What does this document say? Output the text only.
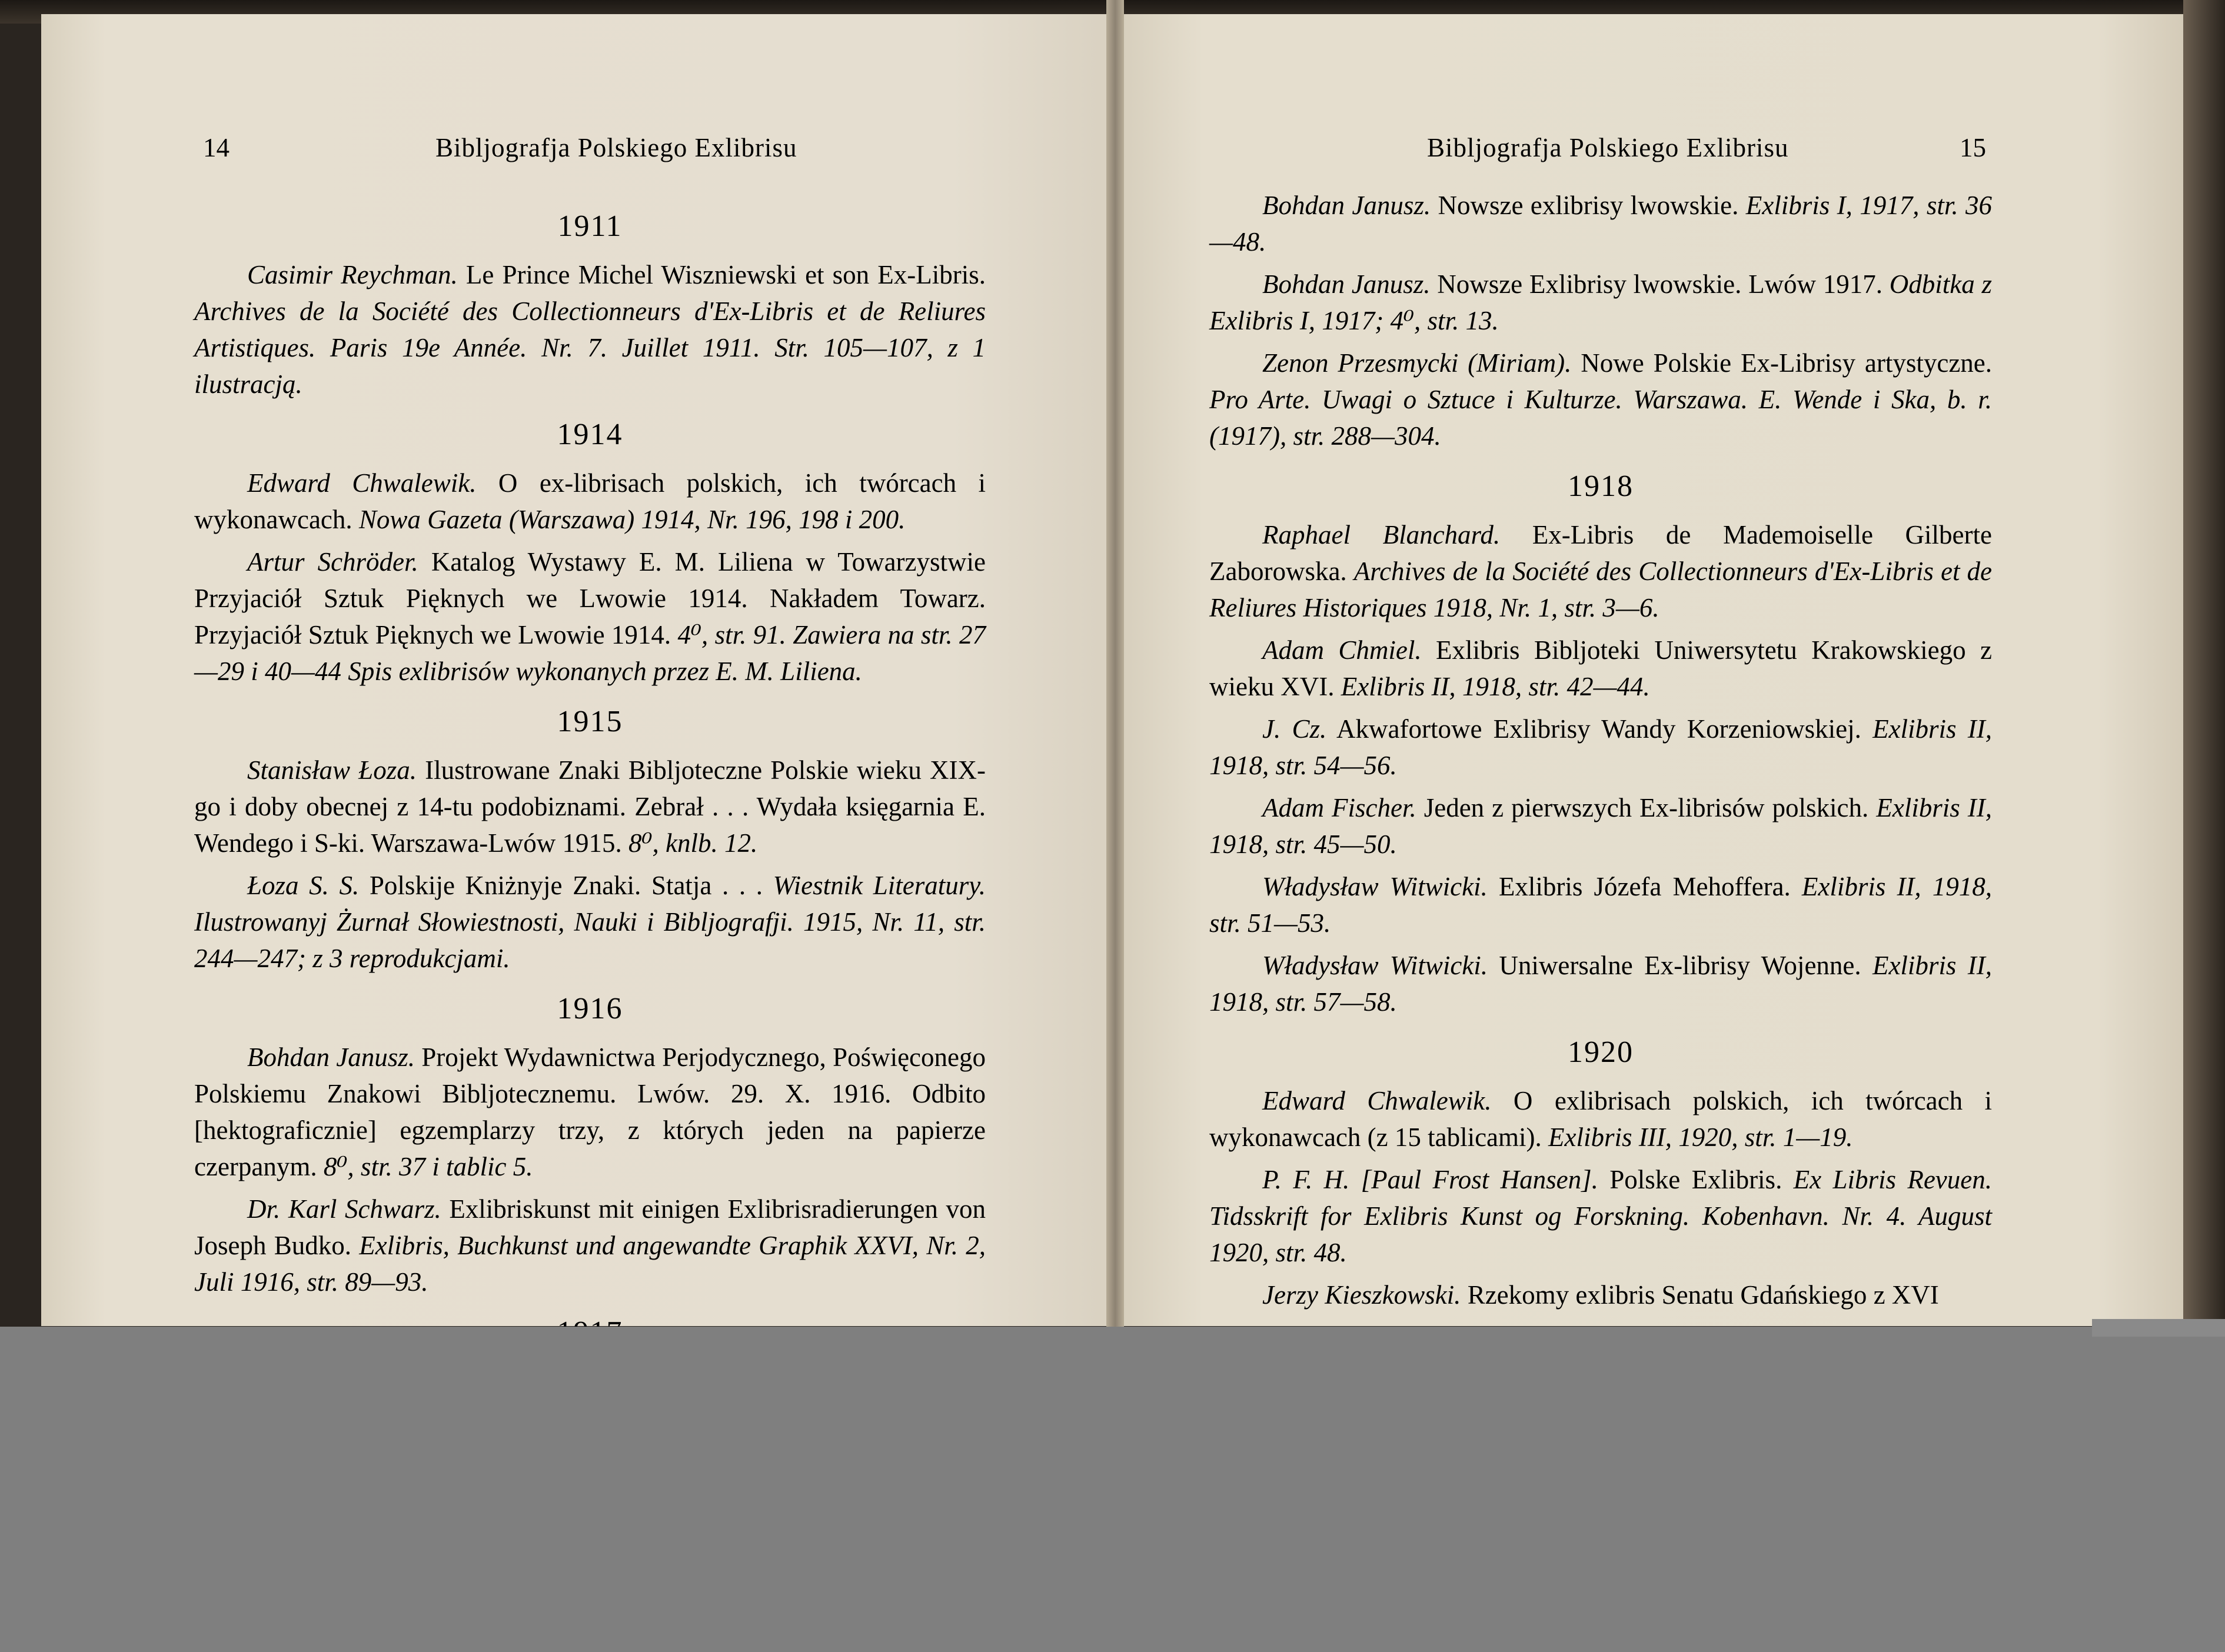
14	Bibljografja Polskiego Exlibrisu	Bibljografja Polskiego Exlibrisu	15
1911
Casimir Reychman. Le Prince Michel Wiszniewski et son Ex-Libris. Archives de la Société des Collectionneurs d'Ex-Libris et de Reliures Artistiques. Paris 19e Année. Nr. 7. Juillet 1911. Str. 105—107, z 1 ilustracją.
1914
Edward Chwalewik. O ex-librisach polskich, ich twórcach i wykonawcach. Nowa Gazeta (Warszawa) 1914, Nr. 196, 198 i 200.
Artur Schröder. Katalog Wystawy E. M. Liliena w Towarzystwie Przyjaciół Sztuk Pięknych we Lwowie 1914. Nakładem Towarz. Przyjaciół Sztuk Pięknych we Lwowie 1914. 4⁰, str. 91. Zawiera na str. 27—29 i 40—44 Spis exlibrisów wykonanych przez E. M. Liliena.
1915
Stanisław Łoza. Ilustrowane Znaki Bibljoteczne Polskie wieku XIX-go i doby obecnej z 14-tu podobiznami. Zebrał . . . Wydała księgarnia E. Wendego i S-ki. Warszawa-Lwów 1915. 8⁰, knlb. 12.
Łoza S. S. Polskije Kniżnyje Znaki. Statja . . . Wiestnik Literatury. Ilustrowanyj Żurnał Słowiestnosti, Nauki i Bibljografji. 1915, Nr. 11, str. 244—247; z 3 reprodukcjami.
1916
Bohdan Janusz. Projekt Wydawnictwa Perjodycznego, Poświęconego Polskiemu Znakowi Bibljotecznemu. Lwów. 29. X. 1916. Odbito [hektograficznie] egzemplarzy trzy, z których jeden na papierze czerpanym. 8⁰, str. 37 i tablic 5.
Dr. Karl Schwarz. Exlibriskunst mit einigen Exlibrisradierungen von Joseph Budko. Exlibris, Buchkunst und angewandte Graphik XXVI, Nr. 2, Juli 1916, str. 89—93.
Bohdan Janusz. Nowsze exlibrisy lwowskie. Exlibris I, 1917, str. 36—48.
Bohdan Janusz. Nowsze Exlibrisy lwowskie. Lwów 1917. Odbitka z Exlibris I, 1917; 4⁰, str. 13.
Zenon Przesmycki (Miriam). Nowe Polskie Ex-Librisy artystyczne. Pro Arte. Uwagi o Sztuce i Kulturze. Warszawa. E. Wende i Ska, b. r. (1917), str. 288—304.
1918
Raphael Blanchard. Ex-Libris de Mademoiselle Gilberte Zaborowska. Archives de la Société des Collectionneurs d'Ex-Libris et de Reliures Historiques 1918, Nr. 1, str. 3—6.
Adam Chmiel. Exlibris Bibljoteki Uniwersytetu Krakowskiego z wieku XVI. Exlibris II, 1918, str. 42—44.
J. Cz. Akwafortowe Exlibrisy Wandy Korzeniowskiej. Exlibris II, 1918, str. 54—56.
Adam Fischer. Jeden z pierwszych Ex-librisów polskich. Exlibris II, 1918, str. 45—50.
Władysław Witwicki. Exlibris Józefa Mehoffera. Exlibris II, 1918, str. 51—53.
Władysław Witwicki. Uniwersalne Ex-librisy Wojenne. Exlibris II, 1918, str. 57—58.
1920
Edward Chwalewik. O exlibrisach polskich, ich twórcach i wykonawcach (z 15 tablicami). Exlibris III, 1920, str. 1—19.
P. F. H. [Paul Frost Hansen]. Polske Exlibris. Ex Libris Revuen. Tidsskrift for Exlibris Kunst og Forskning. Kobenhavn. Nr. 4. August 1920, str. 48.
Jerzy Kieszkowski. Rzekomy exlibris Senatu Gdańskiego z XVI
